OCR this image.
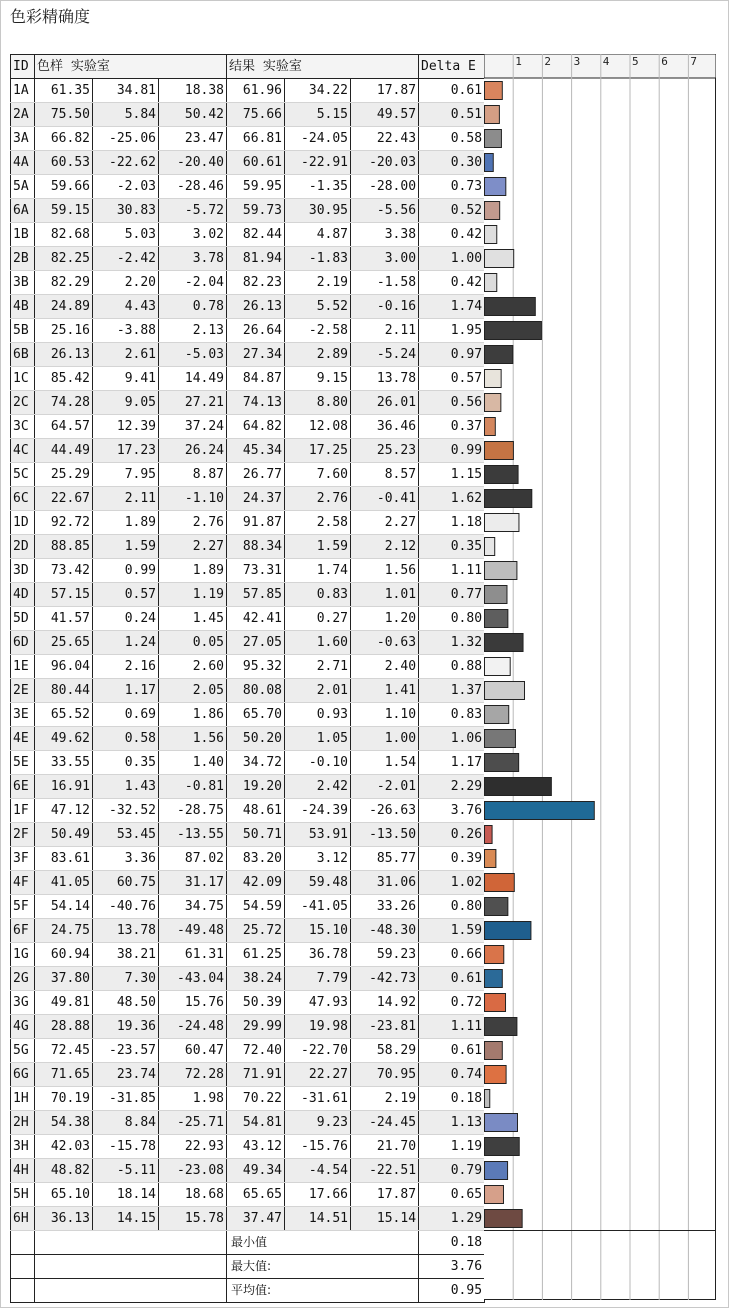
色彩精确度
ID	色样 实验室			结果 实验室			Delta E
1A	61.35	34.81	18.38	61.96	34.22	17.87	0.61
2A	75.50	5.84	50.42	75.66	5.15	49.57	0.51
3A	66.82	-25.06	23.47	66.81	-24.05	22.43	0.58
4A	60.53	-22.62	-20.40	60.61	-22.91	-20.03	0.30
5A	59.66	-2.03	-28.46	59.95	-1.35	-28.00	0.73
6A	59.15	30.83	-5.72	59.73	30.95	-5.56	0.52
1B	82.68	5.03	3.02	82.44	4.87	3.38	0.42
2B	82.25	-2.42	3.78	81.94	-1.83	3.00	1.00
3B	82.29	2.20	-2.04	82.23	2.19	-1.58	0.42
4B	24.89	4.43	0.78	26.13	5.52	-0.16	1.74
5B	25.16	-3.88	2.13	26.64	-2.58	2.11	1.95
6B	26.13	2.61	-5.03	27.34	2.89	-5.24	0.97
1C	85.42	9.41	14.49	84.87	9.15	13.78	0.57
2C	74.28	9.05	27.21	74.13	8.80	26.01	0.56
3C	64.57	12.39	37.24	64.82	12.08	36.46	0.37
4C	44.49	17.23	26.24	45.34	17.25	25.23	0.99
5C	25.29	7.95	8.87	26.77	7.60	8.57	1.15
6C	22.67	2.11	-1.10	24.37	2.76	-0.41	1.62
1D	92.72	1.89	2.76	91.87	2.58	2.27	1.18
2D	88.85	1.59	2.27	88.34	1.59	2.12	0.35
3D	73.42	0.99	1.89	73.31	1.74	1.56	1.11
4D	57.15	0.57	1.19	57.85	0.83	1.01	0.77
5D	41.57	0.24	1.45	42.41	0.27	1.20	0.80
6D	25.65	1.24	0.05	27.05	1.60	-0.63	1.32
1E	96.04	2.16	2.60	95.32	2.71	2.40	0.88
2E	80.44	1.17	2.05	80.08	2.01	1.41	1.37
3E	65.52	0.69	1.86	65.70	0.93	1.10	0.83
4E	49.62	0.58	1.56	50.20	1.05	1.00	1.06
5E	33.55	0.35	1.40	34.72	-0.10	1.54	1.17
6E	16.91	1.43	-0.81	19.20	2.42	-2.01	2.29
1F	47.12	-32.52	-28.75	48.61	-24.39	-26.63	3.76
2F	50.49	53.45	-13.55	50.71	53.91	-13.50	0.26
3F	83.61	3.36	87.02	83.20	3.12	85.77	0.39
4F	41.05	60.75	31.17	42.09	59.48	31.06	1.02
5F	54.14	-40.76	34.75	54.59	-41.05	33.26	0.80
6F	24.75	13.78	-49.48	25.72	15.10	-48.30	1.59
1G	60.94	38.21	61.31	61.25	36.78	59.23	0.66
2G	37.80	7.30	-43.04	38.24	7.79	-42.73	0.61
3G	49.81	48.50	15.76	50.39	47.93	14.92	0.72
4G	28.88	19.36	-24.48	29.99	19.98	-23.81	1.11
5G	72.45	-23.57	60.47	72.40	-22.70	58.29	0.61
6G	71.65	23.74	72.28	71.91	22.27	70.95	0.74
1H	70.19	-31.85	1.98	70.22	-31.61	2.19	0.18
2H	54.38	8.84	-25.71	54.81	9.23	-24.45	1.13
3H	42.03	-15.78	22.93	43.12	-15.76	21.70	1.19
4H	48.82	-5.11	-23.08	49.34	-4.54	-22.51	0.79
5H	65.10	18.14	18.68	65.65	17.66	17.87	0.65
6H	36.13	14.15	15.78	37.47	14.51	15.14	1.29
				最小值			0.18
				最大值:			3.76
				平均值:			0.95
1 2 3 4 5 6 7
